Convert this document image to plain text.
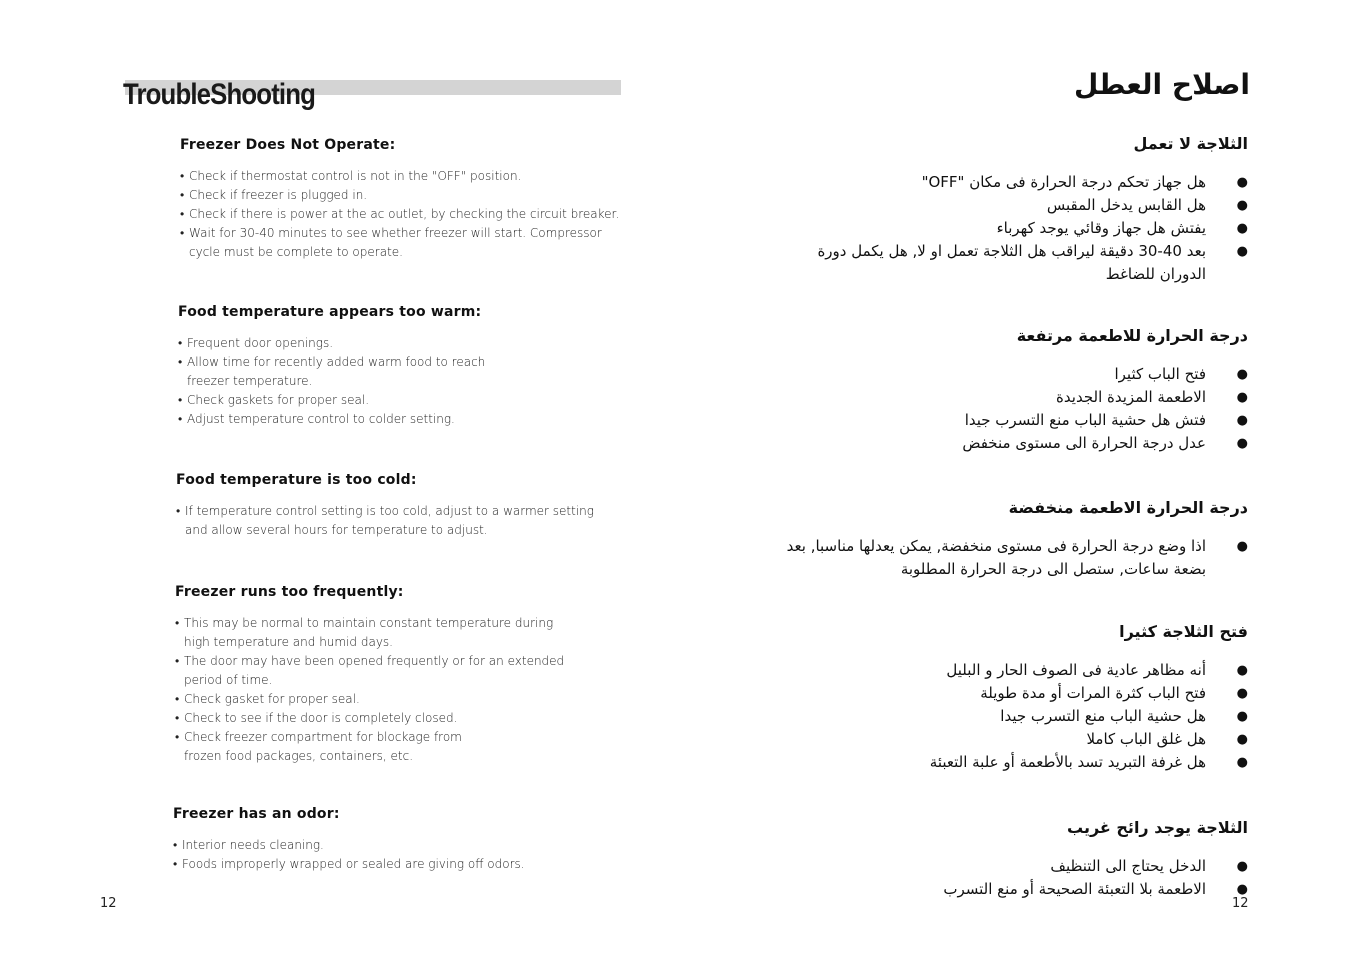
TroubleShooting
Freezer Does Not Operate:
• Check if thermostat control is not in the "OFF" position.
• Check if freezer is plugged in.
• Check if there is power at the ac outlet, by checking the circuit breaker.
• Wait for 30-40 minutes to see whether freezer will start. Compressor cycle must be complete to operate.
Food temperature appears too warm:
• Frequent door openings.
• Allow time for recently added warm food to reach freezer temperature.
• Check gaskets for proper seal.
• Adjust temperature control to colder setting.
Food temperature is too cold:
• If temperature control setting is too cold, adjust to a warmer setting and allow several hours for temperature to adjust.
Freezer runs too frequently:
• This may be normal to maintain constant temperature during high temperature and humid days.
• The door may have been opened frequently or for an extended period of time.
• Check gasket for proper seal.
• Check to see if the door is completely closed.
• Check freezer compartment for blockage from frozen food packages, containers, etc.
Freezer has an odor:
• Interior needs cleaning.
• Foods improperly wrapped or sealed are giving off odors.
12
اصلاح العطل
الثلاجة لا تعمل
●
هل جهاز تحكم درجة الحرارة فى مكان "OFF"
●
هل القابس يدخل المقبس
●
يفتش هل جهاز وقائي يوجد كهرباء
●
بعد 40-30 دقيقة ليراقب هل الثلاجة تعمل او لا, هل يكمل دورة الدوران للضاغط
درجة الحرارة للاطعمة مرتفعة
●
فتح الباب كثيرا
●
الاطعمة المزيدة الجديدة
●
فتش هل حشية الباب منع التسرب جيدا
●
عدل درجة الحرارة الى مستوى منخفض
درجة الحرارة الاطعمة منخفضة
●
اذا وضع درجة الحرارة فى مستوى منخفضة, يمكن يعدلها مناسبا, بعد بضعة ساعات, ستصل الى درجة الحرارة المطلوبة
فتح الثلاجة كثيرا
●
أنه مظاهر عادية فى الصوف الحار و البليل
●
فتح الباب كثرة المرات أو مدة طويلة
●
هل حشية الباب منع التسرب جيدا
●
هل غلق الباب كاملا
●
هل غرفة التبريد تسد بالأطعمة أو علبة التعبئة
الثلاجة يوجد رائح غريب
●
الدخل يحتاج الى التنظيف
●
الاطعمة بلا التعبئة الصحيحة أو منع التسرب
12
